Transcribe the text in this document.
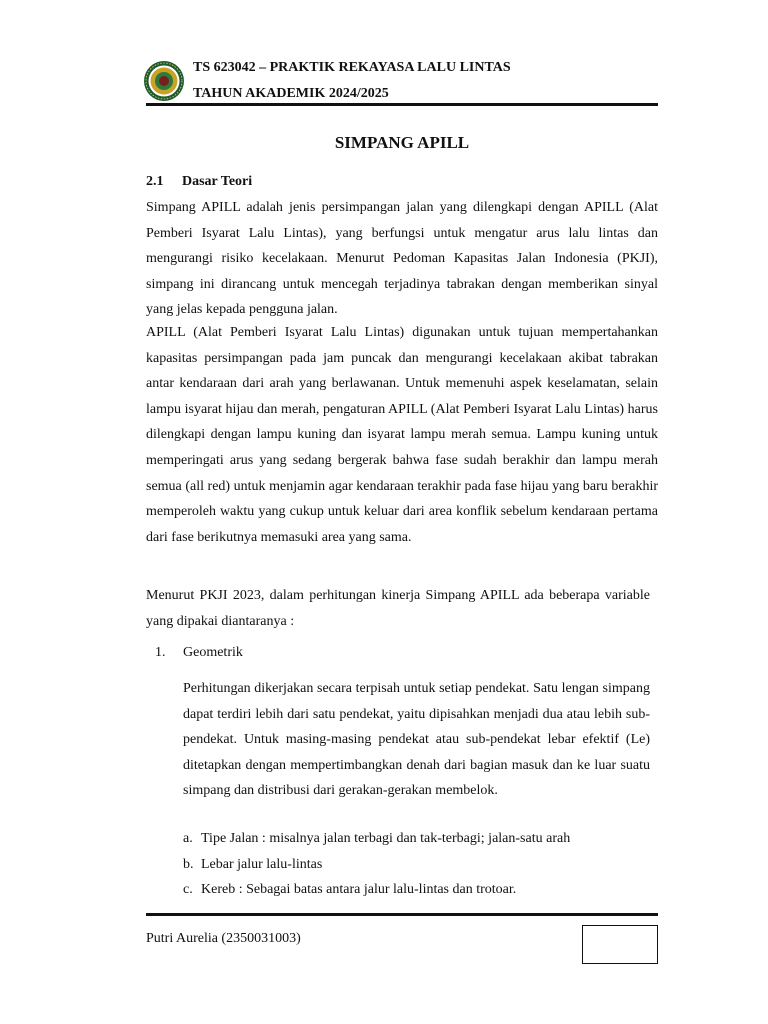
TS 623042 – PRAKTIK REKAYASA LALU LINTAS
TAHUN AKADEMIK 2024/2025
SIMPANG APILL
2.1 Dasar Teori

Simpang APILL adalah jenis persimpangan jalan yang dilengkapi dengan APILL (Alat Pemberi Isyarat Lalu Lintas), yang berfungsi untuk mengatur arus lalu lintas dan mengurangi risiko kecelakaan. Menurut Pedoman Kapasitas Jalan Indonesia (PKJI), simpang ini dirancang untuk mencegah terjadinya tabrakan dengan memberikan sinyal yang jelas kepada pengguna jalan.

APILL (Alat Pemberi Isyarat Lalu Lintas) digunakan untuk tujuan mempertahankan kapasitas persimpangan pada jam puncak dan mengurangi kecelakaan akibat tabrakan antar kendaraan dari arah yang berlawanan. Untuk memenuhi aspek keselamatan, selain lampu isyarat hijau dan merah, pengaturan APILL (Alat Pemberi Isyarat Lalu Lintas) harus dilengkapi dengan lampu kuning dan isyarat lampu merah semua. Lampu kuning untuk memperingati arus yang sedang bergerak bahwa fase sudah berakhir dan lampu merah semua (all red) untuk menjamin agar kendaraan terakhir pada fase hijau yang baru berakhir memperoleh waktu yang cukup untuk keluar dari area konflik sebelum kendaraan pertama dari fase berikutnya memasuki area yang sama.

Menurut PKJI 2023, dalam perhitungan kinerja Simpang APILL ada beberapa variable yang dipakai diantaranya :

1. Geometrik

Perhitungan dikerjakan secara terpisah untuk setiap pendekat. Satu lengan simpang dapat terdiri lebih dari satu pendekat, yaitu dipisahkan menjadi dua atau lebih sub- pendekat. Untuk masing-masing pendekat atau sub-pendekat lebar efektif (Le) ditetapkan dengan mempertimbangkan denah dari bagian masuk dan ke luar suatu simpang dan distribusi dari gerakan-gerakan membelok.

a. Tipe Jalan : misalnya jalan terbagi dan tak-terbagi; jalan-satu arah
b. Lebar jalur lalu-lintas
c. Kereb : Sebagai batas antara jalur lalu-lintas dan trotoar.
Putri Aurelia (2350031003)
